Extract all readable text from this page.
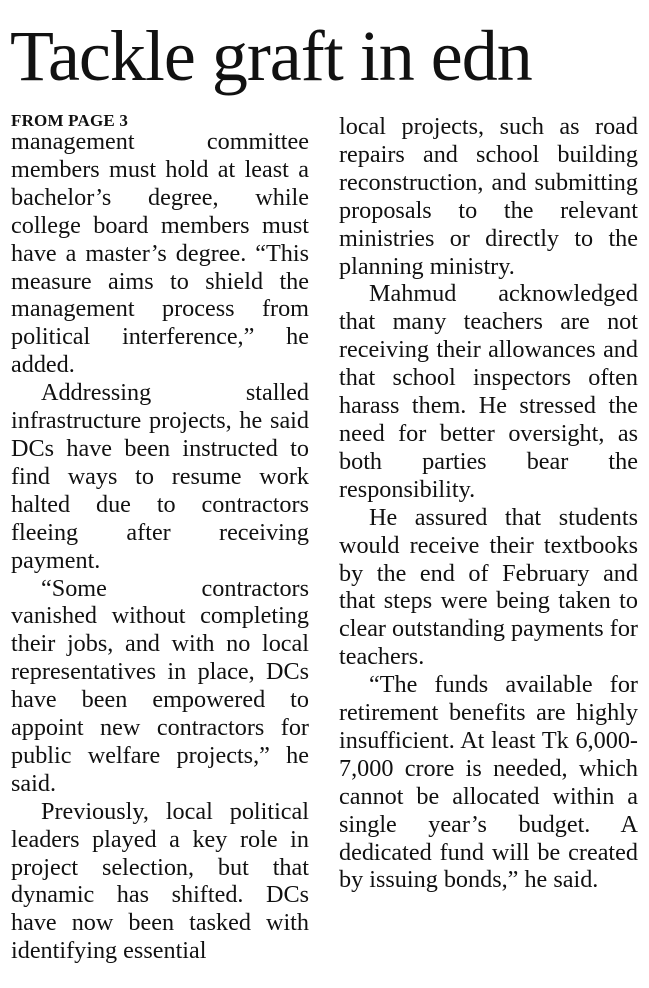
Tackle graft in edn
FROM PAGE 3

management committee members must hold at least a bachelor’s degree, while college board members must have a master’s degree. “This measure aims to shield the management process from political interference,” he added.

Addressing stalled infrastructure projects, he said DCs have been instructed to find ways to resume work halted due to contractors fleeing after receiving payment.

“Some contractors vanished without completing their jobs, and with no local representatives in place, DCs have been empowered to appoint new contractors for public welfare projects,” he said.

Previously, local political leaders played a key role in project selection, but that dynamic has shifted. DCs have now been tasked with identifying essential

local projects, such as road repairs and school building reconstruction, and submitting proposals to the relevant ministries or directly to the planning ministry.

Mahmud acknowledged that many teachers are not receiving their allowances and that school inspectors often harass them. He stressed the need for better oversight, as both parties bear the responsibility.

He assured that students would receive their textbooks by the end of February and that steps were being taken to clear outstanding payments for teachers.

“The funds available for retirement benefits are highly insufficient. At least Tk 6,000-7,000 crore is needed, which cannot be allocated within a single year’s budget. A dedicated fund will be created by issuing bonds,” he said.
